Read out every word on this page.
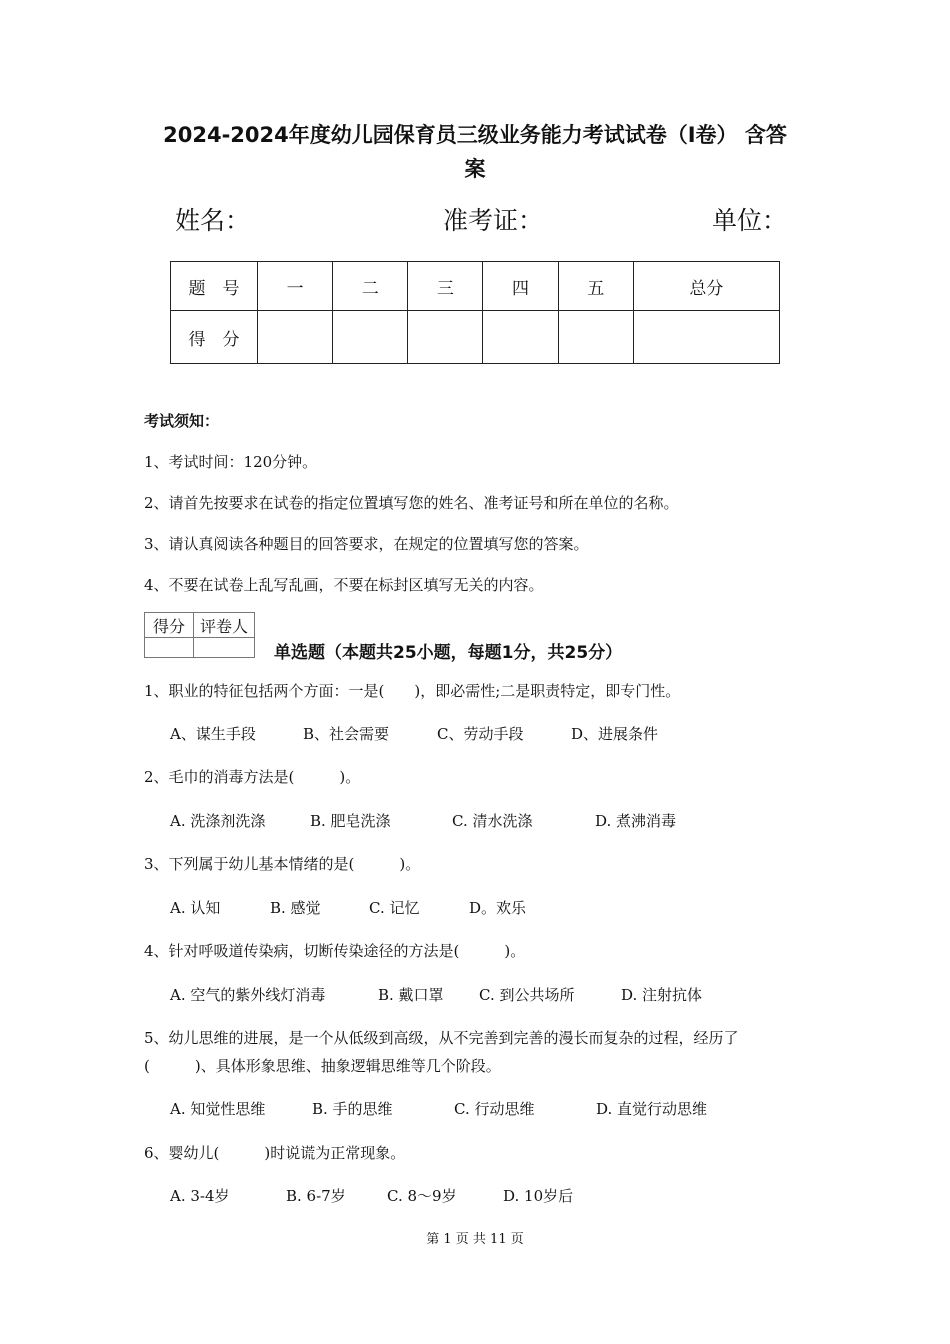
2024-2024年度幼儿园保育员三级业务能力考试试卷（I卷） 含答
案
姓名：	准考证：	单位：
题　号	一	二	三	四	五	总分
得　分						
考试须知：
1、考试时间：120分钟。
2、请首先按要求在试卷的指定位置填写您的姓名、准考证号和所在单位的名称。
3、请认真阅读各种题目的回答要求，在规定的位置填写您的答案。
4、不要在试卷上乱写乱画，不要在标封区填写无关的内容。
得分	评卷人

单选题（本题共25小题，每题1分，共25分）
1、职业的特征包括两个方面：一是(　　)，即必需性;二是职责特定，即专门性。
A、谋生手段	B、社会需要	C、劳动手段	D、进展条件
2、毛巾的消毒方法是(　　　)。
A. 洗涤剂洗涤	B. 肥皂洗涤	C. 清水洗涤	D. 煮沸消毒
3、下列属于幼儿基本情绪的是(　　　)。
A. 认知	B. 感觉	C. 记忆	D。欢乐
4、针对呼吸道传染病，切断传染途径的方法是(　　　)。
A. 空气的紫外线灯消毒	B. 戴口罩 C. 到公共场所	D. 注射抗体
5、幼儿思维的进展，是一个从低级到高级，从不完善到完善的漫长而复杂的过程，经历了
(　　　)、具体形象思维、抽象逻辑思维等几个阶段。
A. 知觉性思维	B. 手的思维	C. 行动思维	D. 直觉行动思维
6、婴幼儿(　　　)时说谎为正常现象。
A. 3-4岁	B. 6-7岁	C. 8～9岁	D. 10岁后
第 1 页 共 11 页
